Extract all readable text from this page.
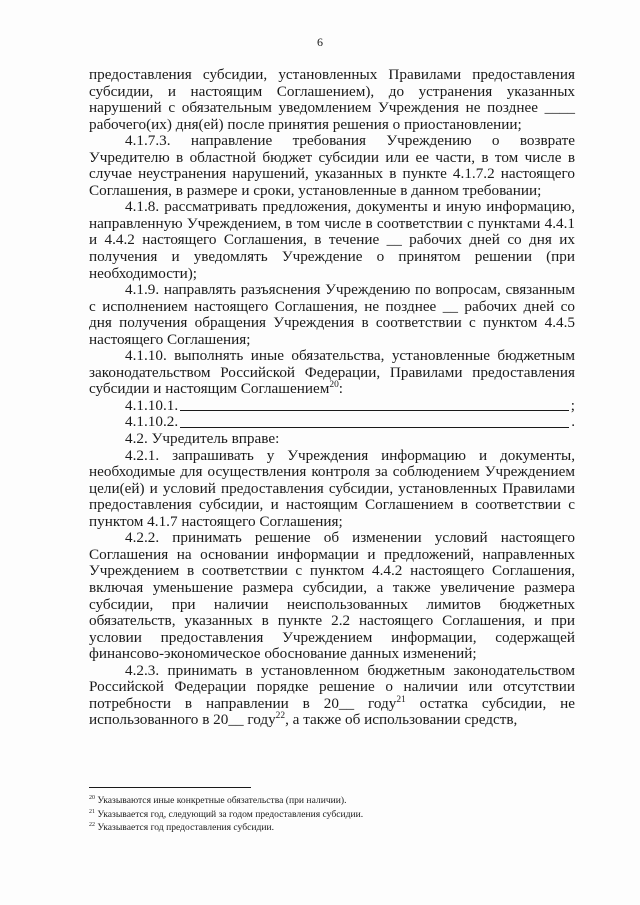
6

предоставления субсидии, установленных Правилами предоставления субсидии, и настоящим Соглашением), до устранения указанных нарушений с обязательным уведомлением Учреждения не позднее ____ рабочего(их) дня(ей) после принятия решения о приостановлении;

4.1.7.3. направление требования Учреждению о возврате Учредителю в областной бюджет субсидии или ее части, в том числе в случае неустранения нарушений, указанных в пункте 4.1.7.2 настоящего Соглашения, в размере и сроки, установленные в данном требовании;

4.1.8. рассматривать предложения, документы и иную информацию, направленную Учреждением, в том числе в соответствии с пунктами 4.4.1 и 4.4.2 настоящего Соглашения, в течение __ рабочих дней со дня их получения и уведомлять Учреждение о принятом решении (при необходимости);

4.1.9. направлять разъяснения Учреждению по вопросам, связанным с исполнением настоящего Соглашения, не позднее __ рабочих дней со дня получения обращения Учреждения в соответствии с пунктом 4.4.5 настоящего Соглашения;

4.1.10. выполнять иные обязательства, установленные бюджетным законодательством Российской Федерации, Правилами предоставления субсидии и настоящим Соглашением$^{20}$:

4.1.10.1.	;
4.1.10.2.	.

4.2. Учредитель вправе:

4.2.1. запрашивать у Учреждения информацию и документы, необходимые для осуществления контроля за соблюдением Учреждением цели(ей) и условий предоставления субсидии, установленных Правилами предоставления субсидии, и настоящим Соглашением в соответствии с пунктом 4.1.7 настоящего Соглашения;

4.2.2. принимать решение об изменении условий настоящего Соглашения на основании информации и предложений, направленных Учреждением в соответствии с пунктом 4.4.2 настоящего Соглашения, включая уменьшение размера субсидии, а также увеличение размера субсидии, при наличии неиспользованных лимитов бюджетных обязательств, указанных в пункте 2.2 настоящего Соглашения, и при условии предоставления Учреждением информации, содержащей финансово-экономическое обоснование данных изменений;

4.2.3. принимать в установленном бюджетным законодательством Российской Федерации порядке решение о наличии или отсутствии потребности в направлении в 20__ году$^{21}$ остатка субсидии, не использованного в 20__ году$^{22}$, а также об использовании средств,

$^{20}$ Указываются иные конкретные обязательства (при наличии).

$^{21}$ Указывается год, следующий за годом предоставления субсидии.

$^{22}$ Указывается год предоставления субсидии.
